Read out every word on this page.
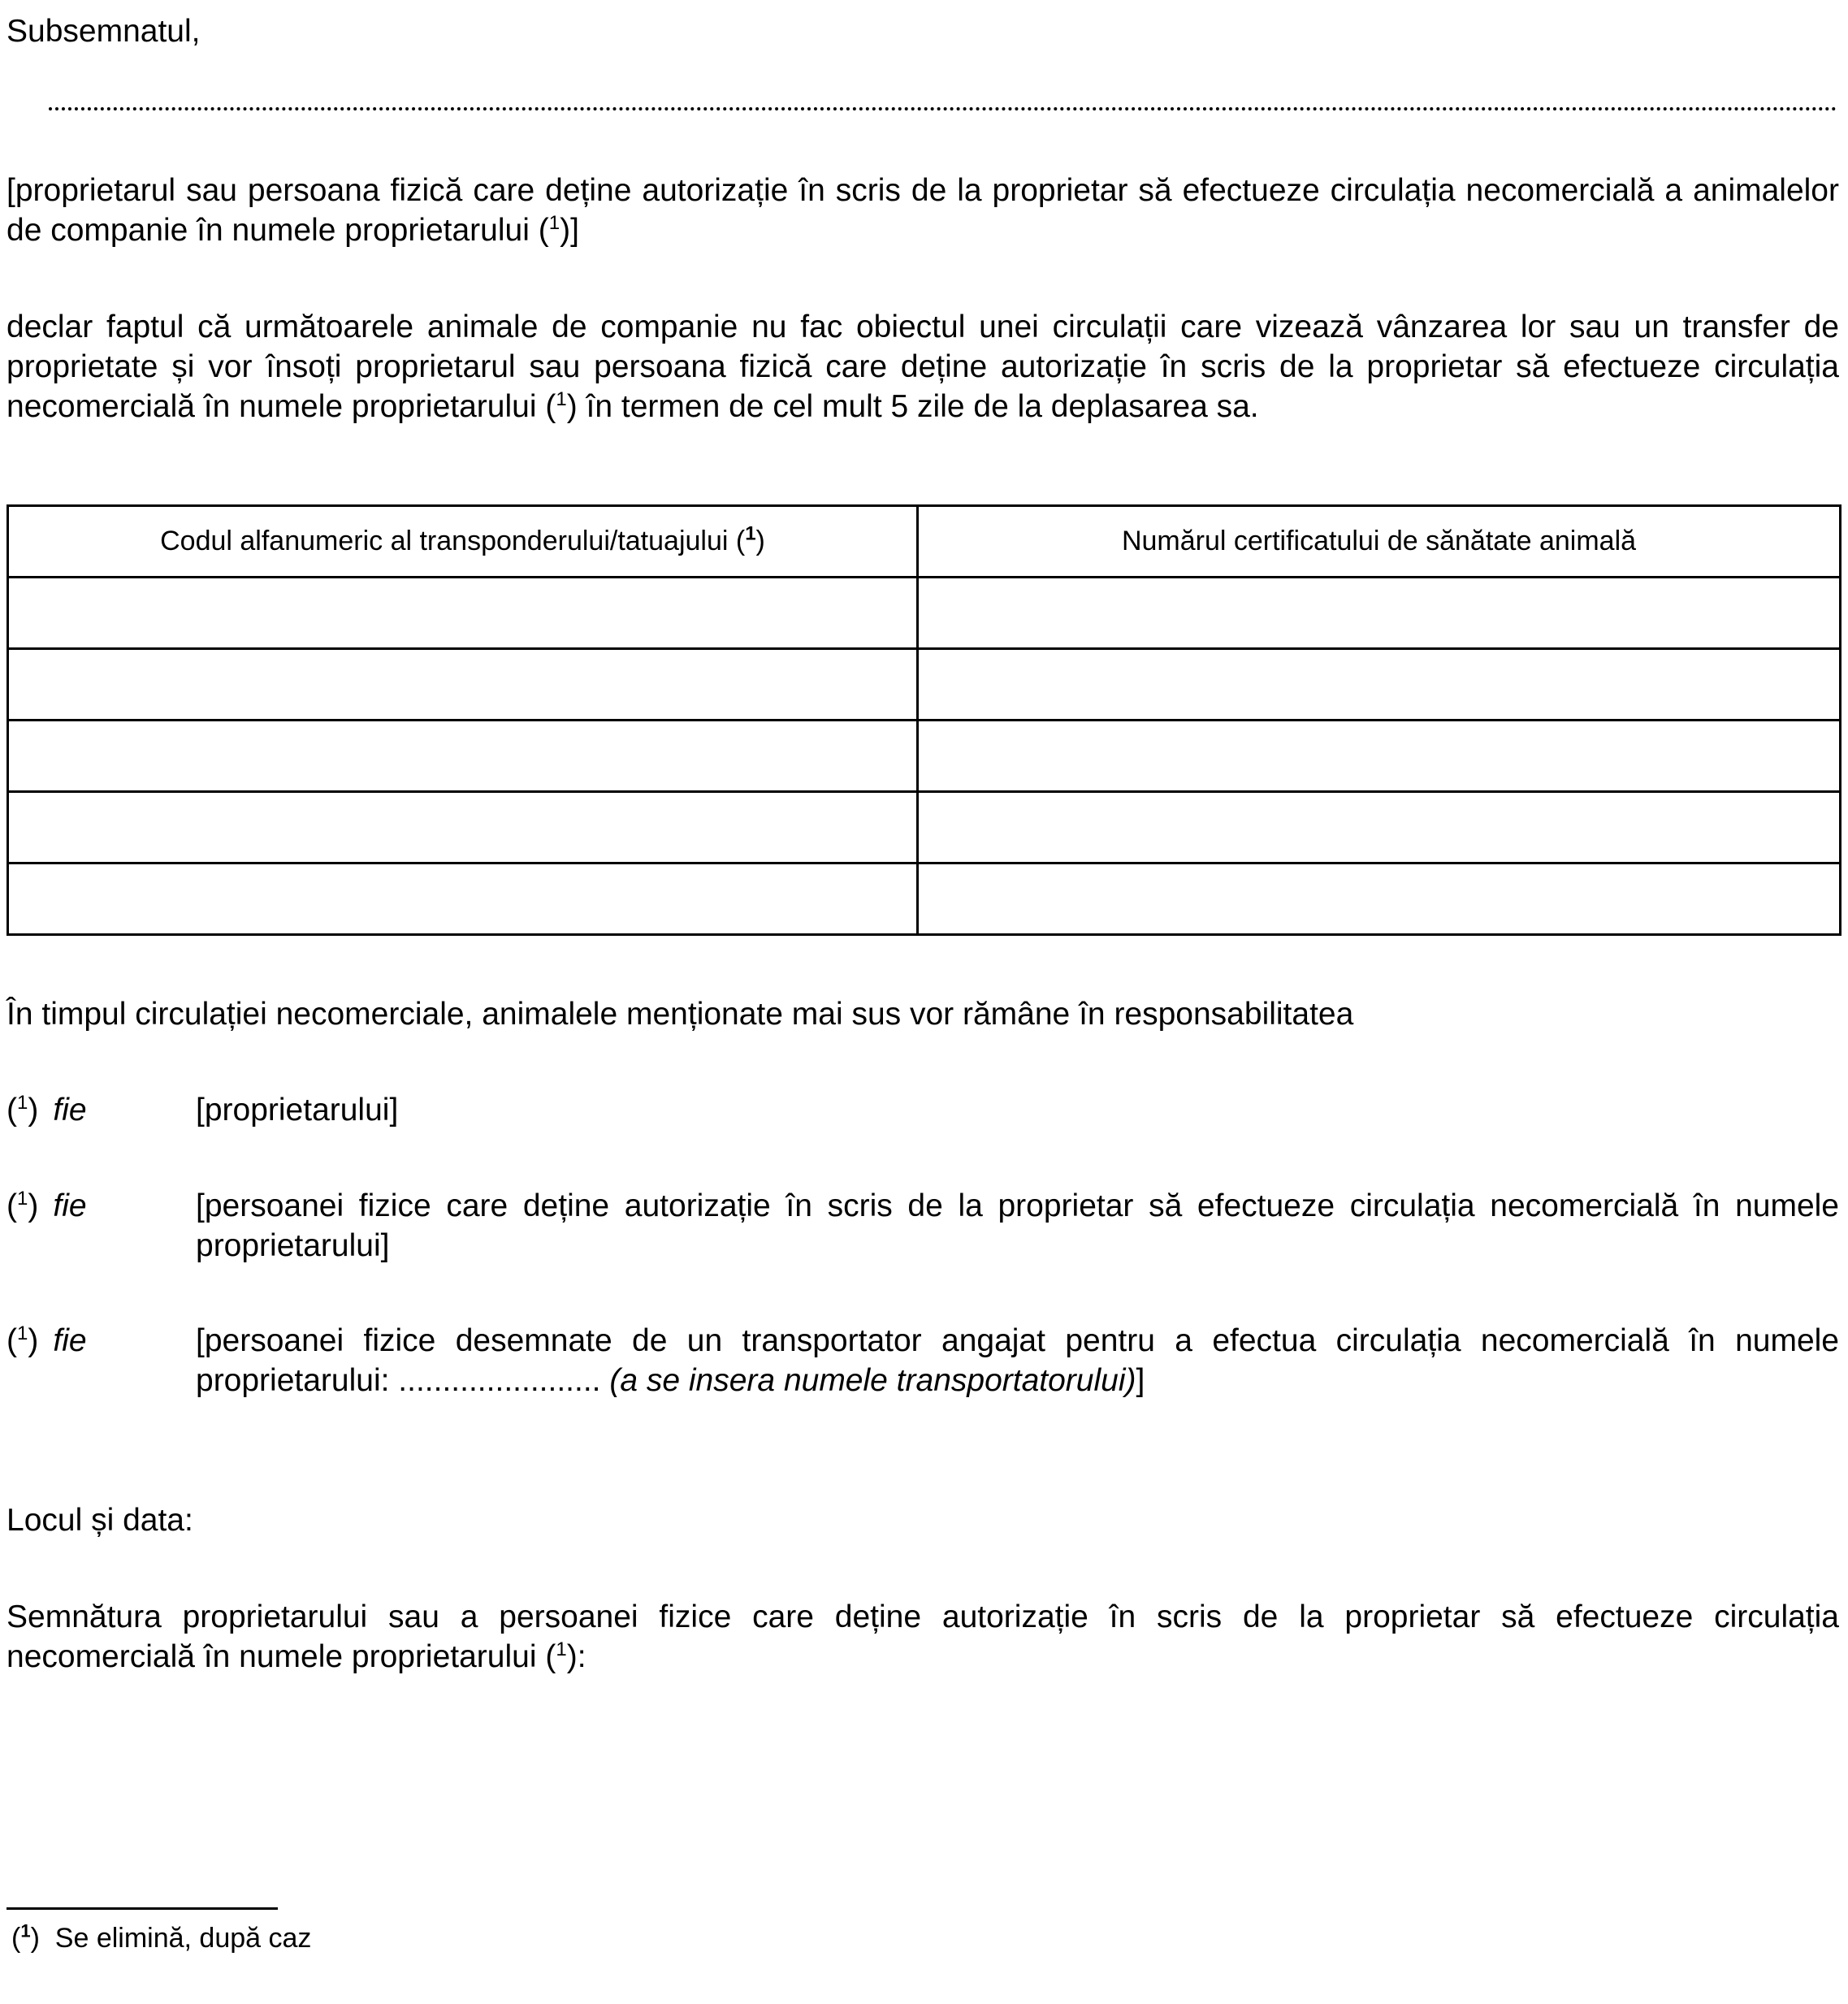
Subsemnatul,

[proprietarul sau persoana fizică care deține autorizație în scris de la proprietar să efectueze circulația necomercială a animalelor de companie în numele proprietarului ($^1$)]

declar faptul că următoarele animale de companie nu fac obiectul unei circulații care vizează vânzarea lor sau un transfer de proprietate și vor însoți proprietarul sau persoana fizică care deține autorizație în scris de la proprietar să efectueze circulația necomercială în numele proprietarului ($^1$) în termen de cel mult 5 zile de la deplasarea sa.

Codul alfanumeric al transponderului/tatuajului ($^1$)	Numărul certificatului de sănătate animală

În timpul circulației necomerciale, animalele menționate mai sus vor rămâne în responsabilitatea
($^1$) fie	[proprietarului]
($^1$) fie	[persoanei fizice care deține autorizație în scris de la proprietar să efectueze circulația necomercială în numele proprietarului]
($^1$) fie	[persoanei fizice desemnate de un transportator angajat pentru a efectua circulația necomercială în numele proprietarului: ....................... (a se insera numele transportatorului)]
Locul și data:

Semnătura proprietarului sau a persoanei fizice care deține autorizație în scris de la proprietar să efectueze circulația necomercială în numele proprietarului ($^1$):

($^1$)  Se elimină, după caz
